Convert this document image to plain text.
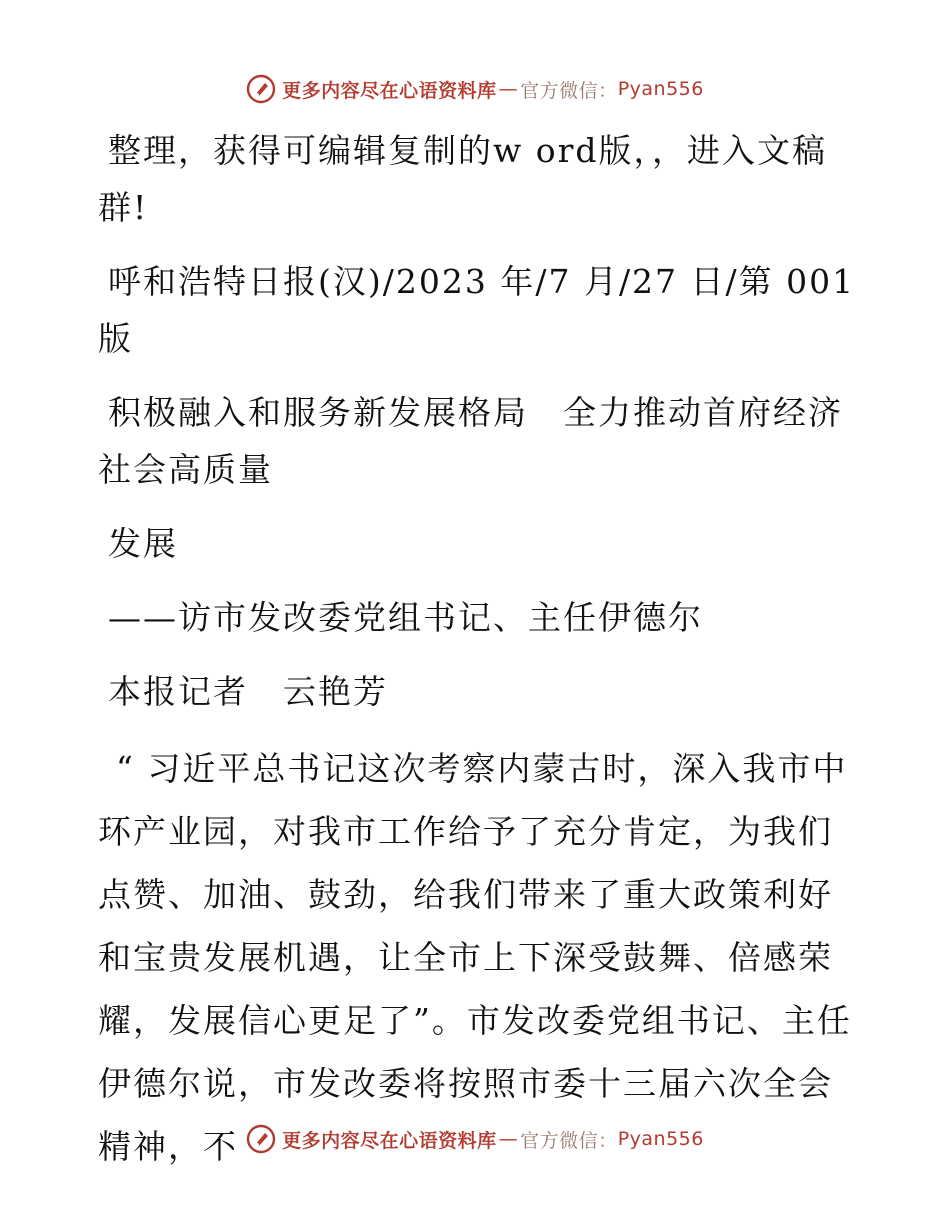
更多内容尽在心语资料库 — 官方微信： Pyan556

整理，获得可编辑复制的w ord版，，进入文稿群!

呼和浩特日报(汉)/2023 年/7 月/27 日/第 001 版

积极融入和服务新发展格局　全力推动首府经济社会高质量

发展

——访市发改委党组书记、主任伊德尔

本报记者　云艳芳

“ 习近平总书记这次考察内蒙古时，深入我市中环产业园，对我市工作给予了充分肯定，为我们点赞、加油、鼓劲，给我们带来了重大政策利好和宝贵发展机遇，让全市上下深受鼓舞、倍感荣耀，发展信心更足了”。市发改委党组书记、主任伊德尔说，市发改委将按照市委十三届六次全会精神，不	更多内容尽在心语资料库 — 官方微信： Pyan556
